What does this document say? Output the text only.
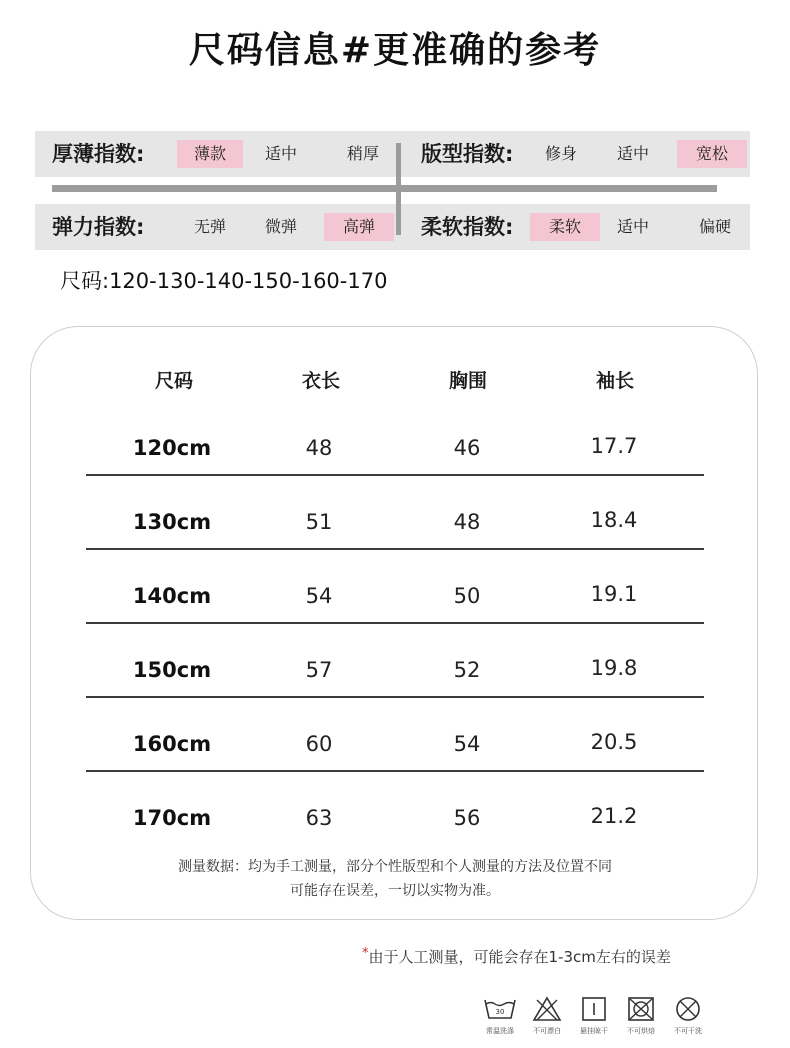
尺码信息#更准确的参考
厚薄指数:	薄款	适中	稍厚	版型指数:	修身	适中	宽松
弹力指数:	无弹	微弹	高弹	柔软指数:	柔软	适中	偏硬
尺码:120-130-140-150-160-170
尺码	衣长	胸围	袖长
120cm	48	46	17.7
130cm	51	48	18.4
140cm	54	50	19.1
150cm	57	52	19.8
160cm	60	54	20.5
170cm	63	56	21.2
测量数据：均为手工测量，部分个性版型和个人测量的方法及位置不同
可能存在误差，一切以实物为准。
*由于人工测量，可能会存在1-3cm左右的误差
30
常温洗涤	不可漂白	悬挂晾干	不可烘焙	不可干洗
